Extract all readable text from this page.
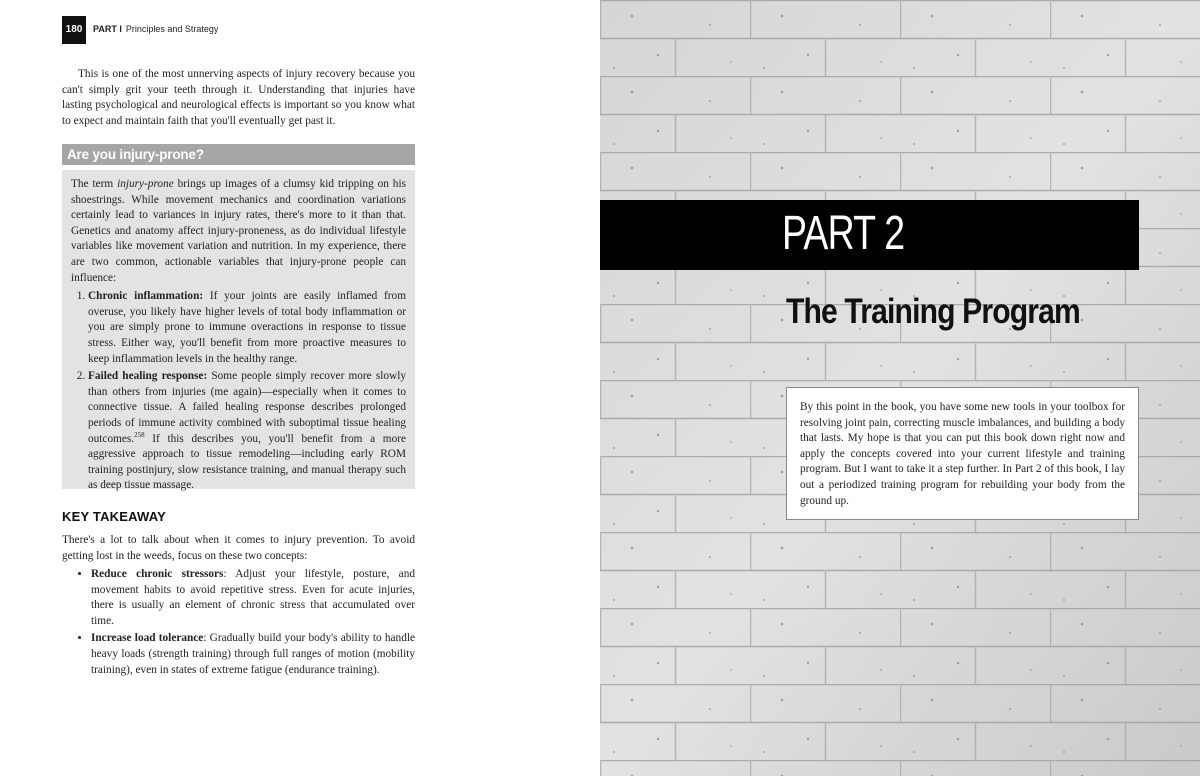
180	PART I Principles and Strategy

This is one of the most unnerving aspects of injury recovery because you can't simply grit your teeth through it. Understanding that injuries have lasting psychological and neurological effects is important so you know what to expect and maintain faith that you'll eventually get past it.

Are you injury-prone?

The term injury-prone brings up images of a clumsy kid tripping on his shoestrings. While movement mechanics and coordination variations certainly lead to variances in injury rates, there's more to it than that. Genetics and anatomy affect injury-proneness, as do individual lifestyle variables like movement variation and nutrition. In my experience, there are two common, actionable variables that injury-prone people can influence:

1. Chronic inflammation: If your joints are easily inflamed from overuse, you likely have higher levels of total body inflammation or you are simply prone to immune overactions in response to tissue stress. Either way, you'll benefit from more proactive measures to keep inflammation levels in the healthy range.
2. Failed healing response: Some people simply recover more slowly than others from injuries (me again)—especially when it comes to connective tissue. A failed healing response describes prolonged periods of immune activity combined with suboptimal tissue healing outcomes.$^{258}$ If this describes you, you'll benefit from a more aggressive approach to tissue remodeling—including early ROM training postinjury, slow resistance training, and manual therapy such as deep tissue massage.
KEY TAKEAWAY

There's a lot to talk about when it comes to injury prevention. To avoid getting lost in the weeds, focus on these two concepts:

• Reduce chronic stressors: Adjust your lifestyle, posture, and movement habits to avoid repetitive stress. Even for acute injuries, there is usually an element of chronic stress that accumulated over time.
• Increase load tolerance: Gradually build your body's ability to handle heavy loads (strength training) through full ranges of motion (mobility training), even in states of extreme fatigue (endurance training).
PART 2
The Training Program

By this point in the book, you have some new tools in your toolbox for resolving joint pain, correcting muscle imbalances, and building a body that lasts. My hope is that you can put this book down right now and apply the concepts covered into your current lifestyle and training program. But I want to take it a step further. In Part 2 of this book, I lay out a periodized training program for rebuilding your body from the ground up.
